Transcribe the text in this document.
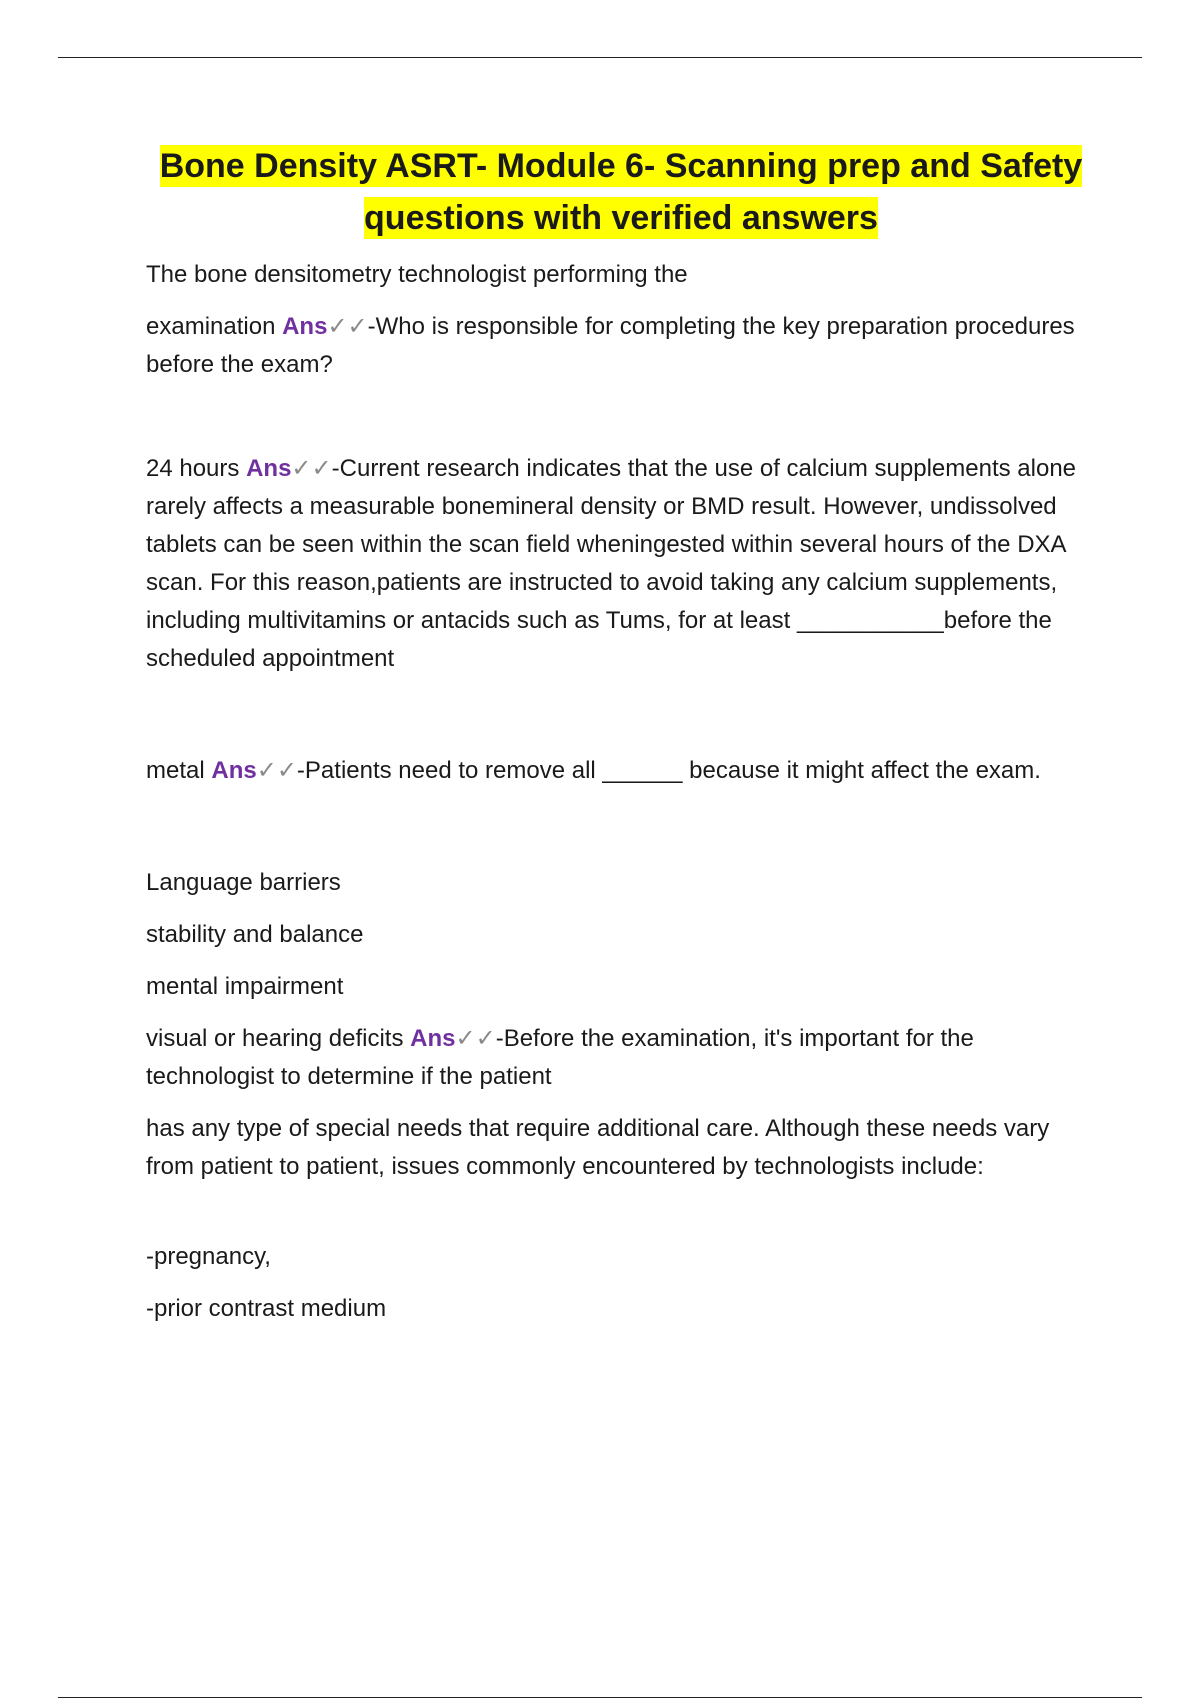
Bone Density ASRT- Module 6- Scanning prep and Safety
questions with verified answers

The bone densitometry technologist performing the

examination Ans✓✓-Who is responsible for completing the key preparation procedures before the exam?

24 hours Ans✓✓-Current research indicates that the use of calcium supplements alone rarely affects a measurable bonemineral density or BMD result. However, undissolved tablets can be seen within the scan field wheningested within several hours of the DXA scan. For this reason,patients are instructed to avoid taking any calcium supplements, including multivitamins or antacids such as Tums, for at least ___________before the scheduled appointment

metal Ans✓✓-Patients need to remove all ______ because it might affect the exam.

Language barriers

stability and balance

mental impairment

visual or hearing deficits Ans✓✓-Before the examination, it's important for the technologist to determine if the patient

has any type of special needs that require additional care. Although these needs vary from patient to patient, issues commonly encountered by technologists include:

-pregnancy,

-prior contrast medium
